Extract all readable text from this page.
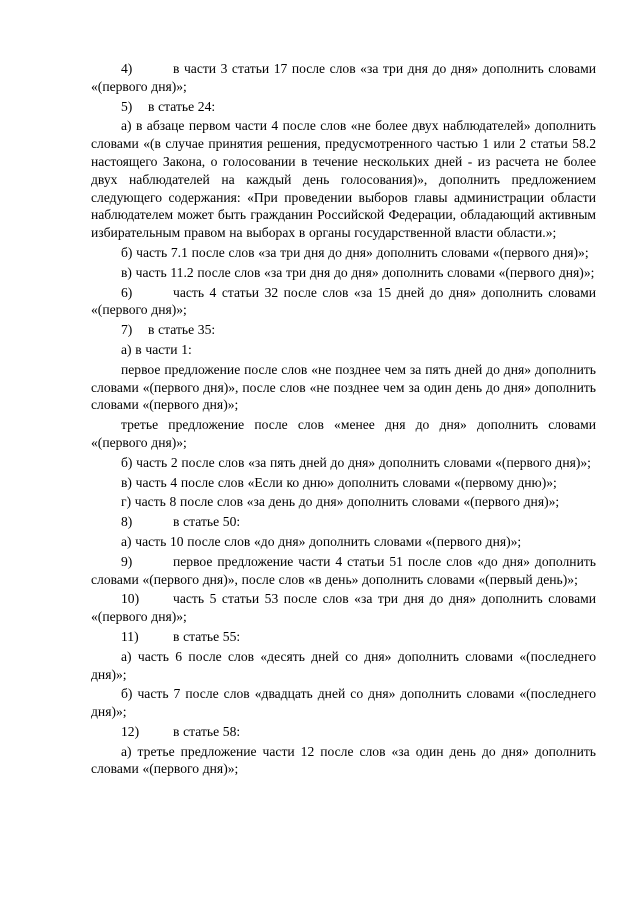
4)	в части 3 статьи 17 после слов «за три дня до дня» дополнить словами «(первого дня)»;

5) в статье 24:

а) в абзаце первом части 4 после слов «не более двух наблюдателей» дополнить словами «(в случае принятия решения, предусмотренного частью 1 или 2 статьи 58.2 настоящего Закона, о голосовании в течение нескольких дней - из расчета не более двух наблюдателей на каждый день голосования)», дополнить предложением следующего содержания: «При проведении выборов главы администрации области наблюдателем может быть гражданин Российской Федерации, обладающий активным избирательным правом на выборах в органы государственной власти области.»;

б) часть 7.1 после слов «за три дня до дня» дополнить словами «(первого дня)»;

в) часть 11.2 после слов «за три дня до дня» дополнить словами «(первого дня)»;

6)	часть 4 статьи 32 после слов «за 15 дней до дня» дополнить словами «(первого дня)»;

7) в статье 35:

а) в части 1:

первое предложение после слов «не позднее чем за пять дней до дня» дополнить словами «(первого дня)», после слов «не позднее чем за один день до дня» дополнить словами «(первого дня)»;

третье предложение после слов «менее дня до дня» дополнить словами «(первого дня)»;

б) часть 2 после слов «за пять дней до дня» дополнить словами «(первого дня)»;

в) часть 4 после слов «Если ко дню» дополнить словами «(первому дню)»;

г) часть 8 после слов «за день до дня» дополнить словами «(первого дня)»;

8)	в статье 50:

а) часть 10 после слов «до дня» дополнить словами «(первого дня)»;

9)	первое предложение части 4 статьи 51 после слов «до дня» дополнить словами «(первого дня)», после слов «в день» дополнить словами «(первый день)»;

10) часть 5 статьи 53 после слов «за три дня до дня» дополнить словами «(первого дня)»;

11)	в статье 55:

а) часть 6 после слов «десять дней со дня» дополнить словами «(последнего дня)»;

б) часть 7 после слов «двадцать дней со дня» дополнить словами «(последнего дня)»;

12) в статье 58:

а) третье предложение части 12 после слов «за один день до дня» дополнить словами «(первого дня)»;
